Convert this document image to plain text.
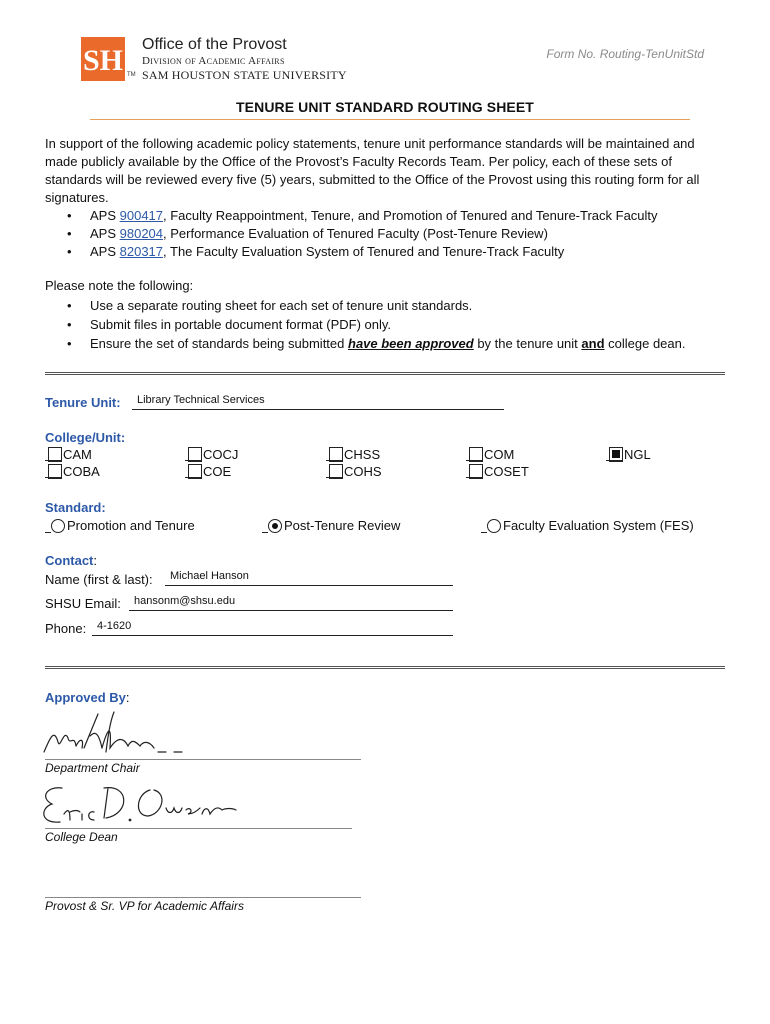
SH TM
Office of the Provost
Division of Academic Affairs
SAM HOUSTON STATE UNIVERSITY
Form No. Routing-TenUnitStd
TENURE UNIT STANDARD ROUTING SHEET
In support of the following academic policy statements, tenure unit performance standards will be maintained and made publicly available by the Office of the Provost’s Faculty Records Team. Per policy, each of these sets of standards will be reviewed every five (5) years, submitted to the Office of the Provost using this routing form for all signatures.
• APS 900417, Faculty Reappointment, Tenure, and Promotion of Tenured and Tenure-Track Faculty
• APS 980204, Performance Evaluation of Tenured Faculty (Post-Tenure Review)
• APS 820317, The Faculty Evaluation System of Tenured and Tenure-Track Faculty
Please note the following:
• Use a separate routing sheet for each set of tenure unit standards.
• Submit files in portable document format (PDF) only.
• Ensure the set of standards being submitted have been approved by the tenure unit and college dean.
Tenure Unit: Library Technical Services
College/Unit:
CAM
COBA
COCJ
COE
CHSS
COHS
COM
COSET
NGL
Standard:
Promotion and Tenure	Post-Tenure Review	Faculty Evaluation System (FES)
Contact:
Name (first & last): Michael Hanson
SHSU Email: hansonm@shsu.edu
Phone: 4-1620
Approved By:
Department Chair
College Dean
Provost & Sr. VP for Academic Affairs
